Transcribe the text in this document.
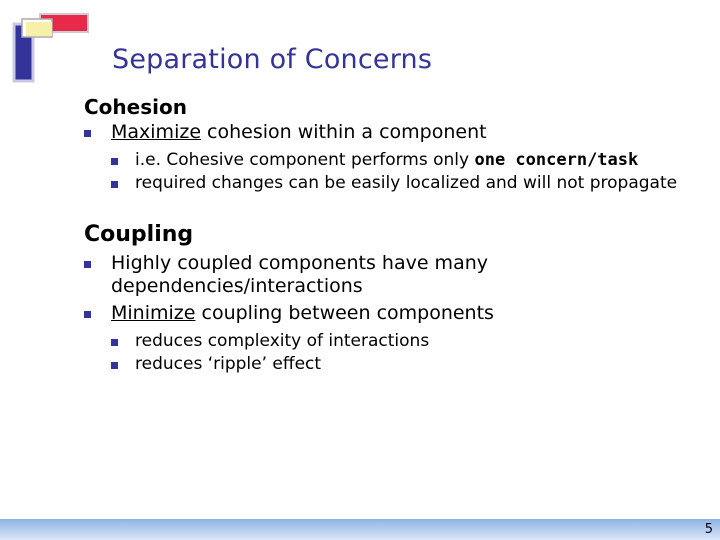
Separation of Concerns
Cohesion
Maximize cohesion within a component
i.e. Cohesive component performs only one concern/task
required changes can be easily localized and will not propagate
Coupling
Highly coupled components have many dependencies/interactions
Minimize coupling between components
reduces complexity of interactions
reduces ‘ripple’ effect
5
